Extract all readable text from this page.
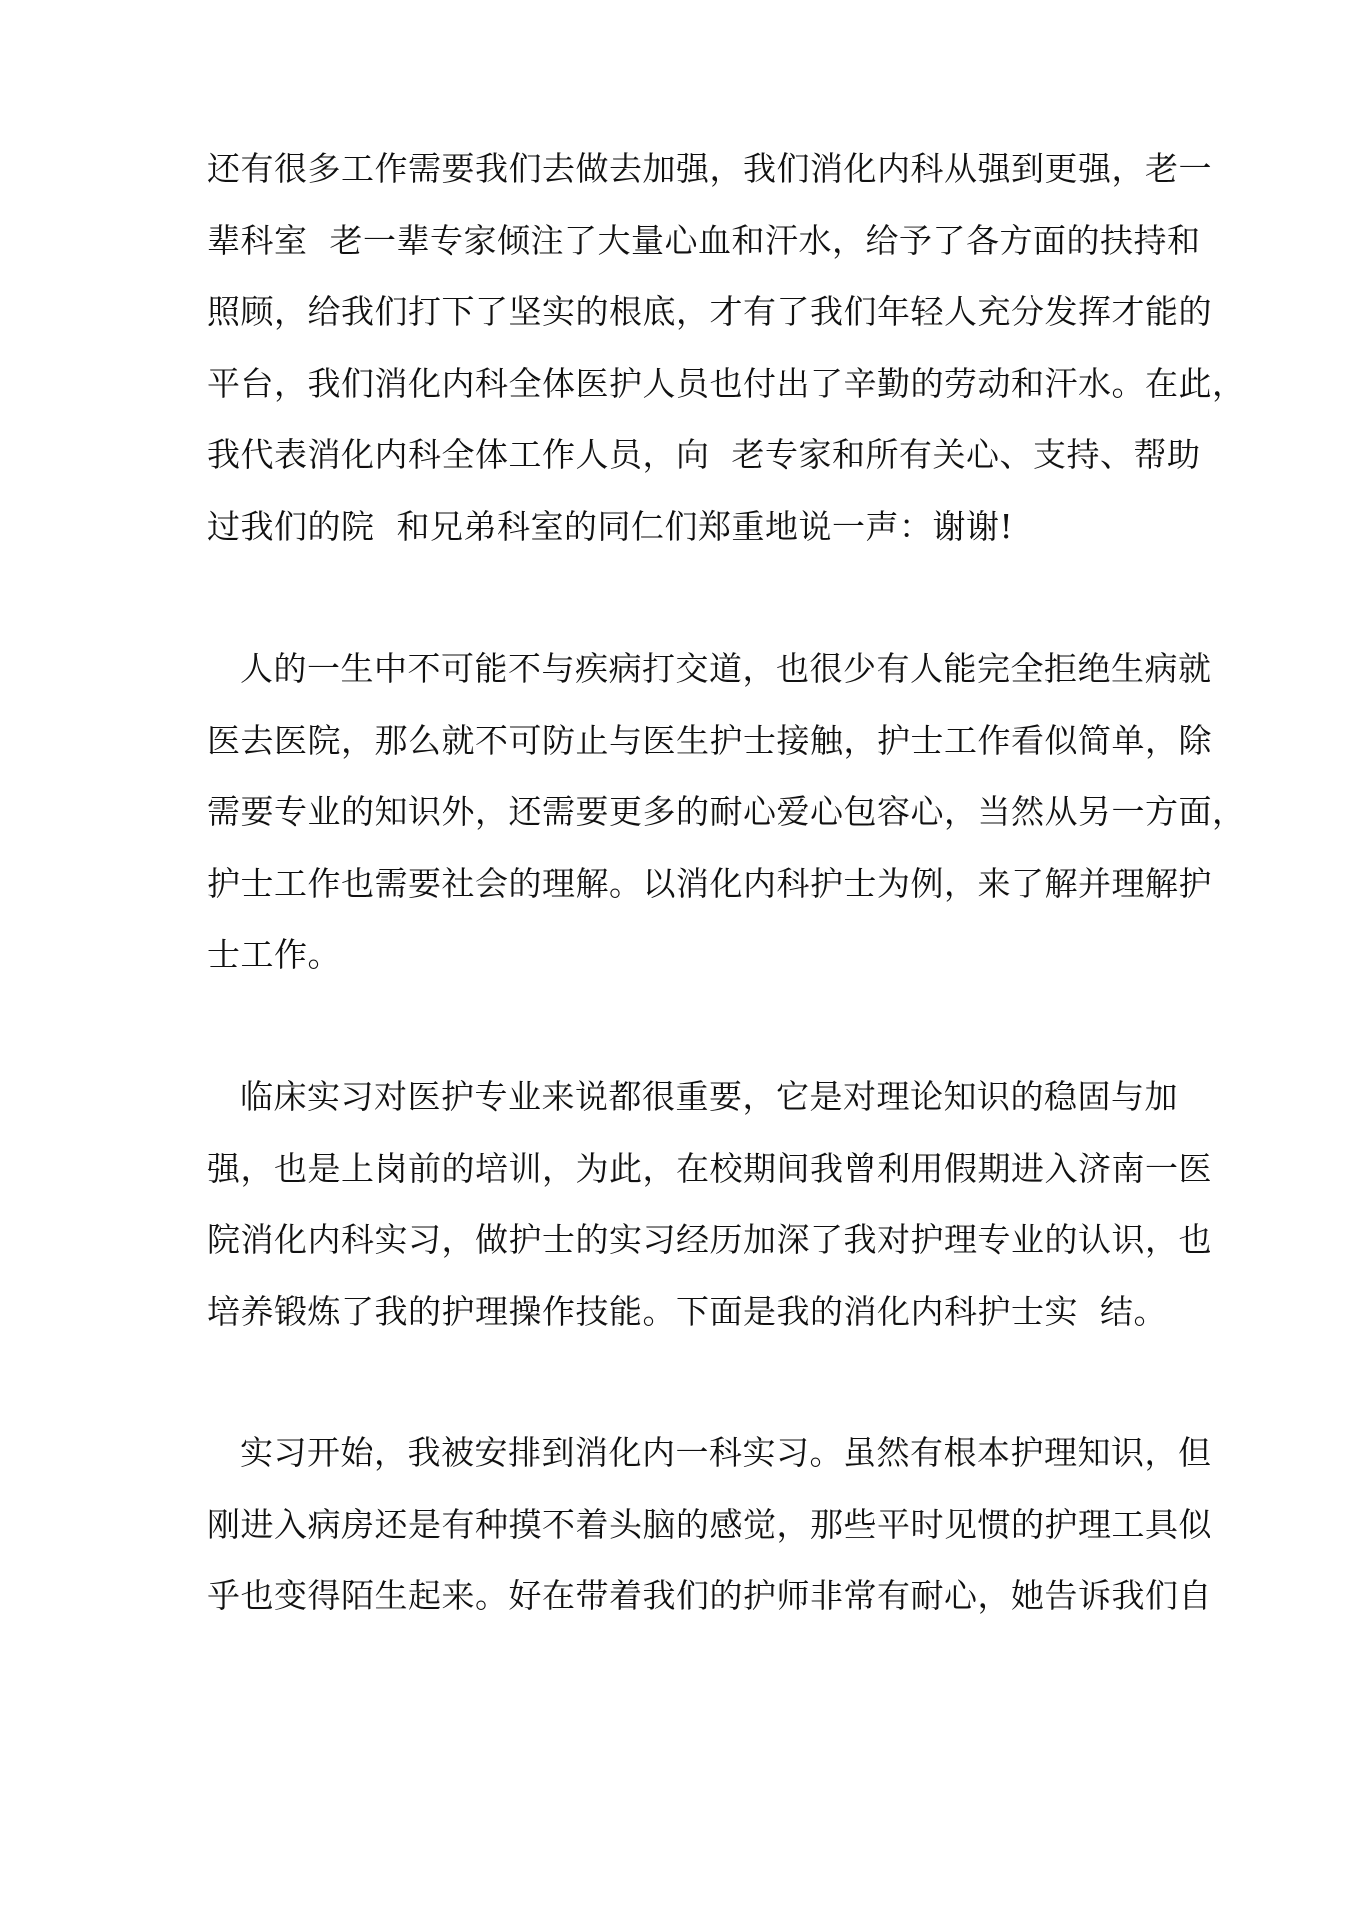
还有很多工作需要我们去做去加强，我们消化内科从强到更强，老一
辈科室  老一辈专家倾注了大量心血和汗水，给予了各方面的扶持和
照顾，给我们打下了坚实的根底，才有了我们年轻人充分发挥才能的
平台，我们消化内科全体医护人员也付出了辛勤的劳动和汗水。在此，
我代表消化内科全体工作人员，向  老专家和所有关心、支持、帮助
过我们的院  和兄弟科室的同仁们郑重地说一声：谢谢!
人的一生中不可能不与疾病打交道，也很少有人能完全拒绝生病就
医去医院，那么就不可防止与医生护士接触，护士工作看似简单，除
需要专业的知识外，还需要更多的耐心爱心包容心，当然从另一方面，
护士工作也需要社会的理解。以消化内科护士为例，来了解并理解护
士工作。
临床实习对医护专业来说都很重要，它是对理论知识的稳固与加
强，也是上岗前的培训，为此，在校期间我曾利用假期进入济南一医
院消化内科实习，做护士的实习经历加深了我对护理专业的认识，也
培养锻炼了我的护理操作技能。下面是我的消化内科护士实  结。
实习开始，我被安排到消化内一科实习。虽然有根本护理知识，但
刚进入病房还是有种摸不着头脑的感觉，那些平时见惯的护理工具似
乎也变得陌生起来。好在带着我们的护师非常有耐心，她告诉我们自
